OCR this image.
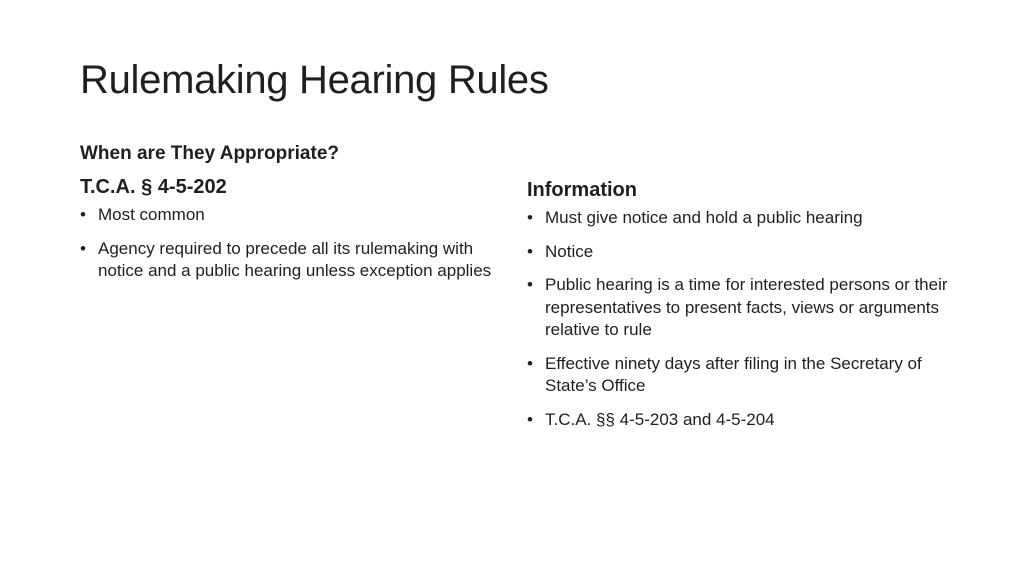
Rulemaking Hearing Rules
When are They Appropriate?
T.C.A. § 4-5-202
• Most common
• Agency required to precede all its rulemaking with notice and a public hearing unless exception applies
Information
• Must give notice and hold a public hearing
• Notice
• Public hearing is a time for interested persons or their representatives to present facts, views or arguments relative to rule
• Effective ninety days after filing in the Secretary of State’s Office
• T.C.A. §§ 4-5-203 and 4-5-204
